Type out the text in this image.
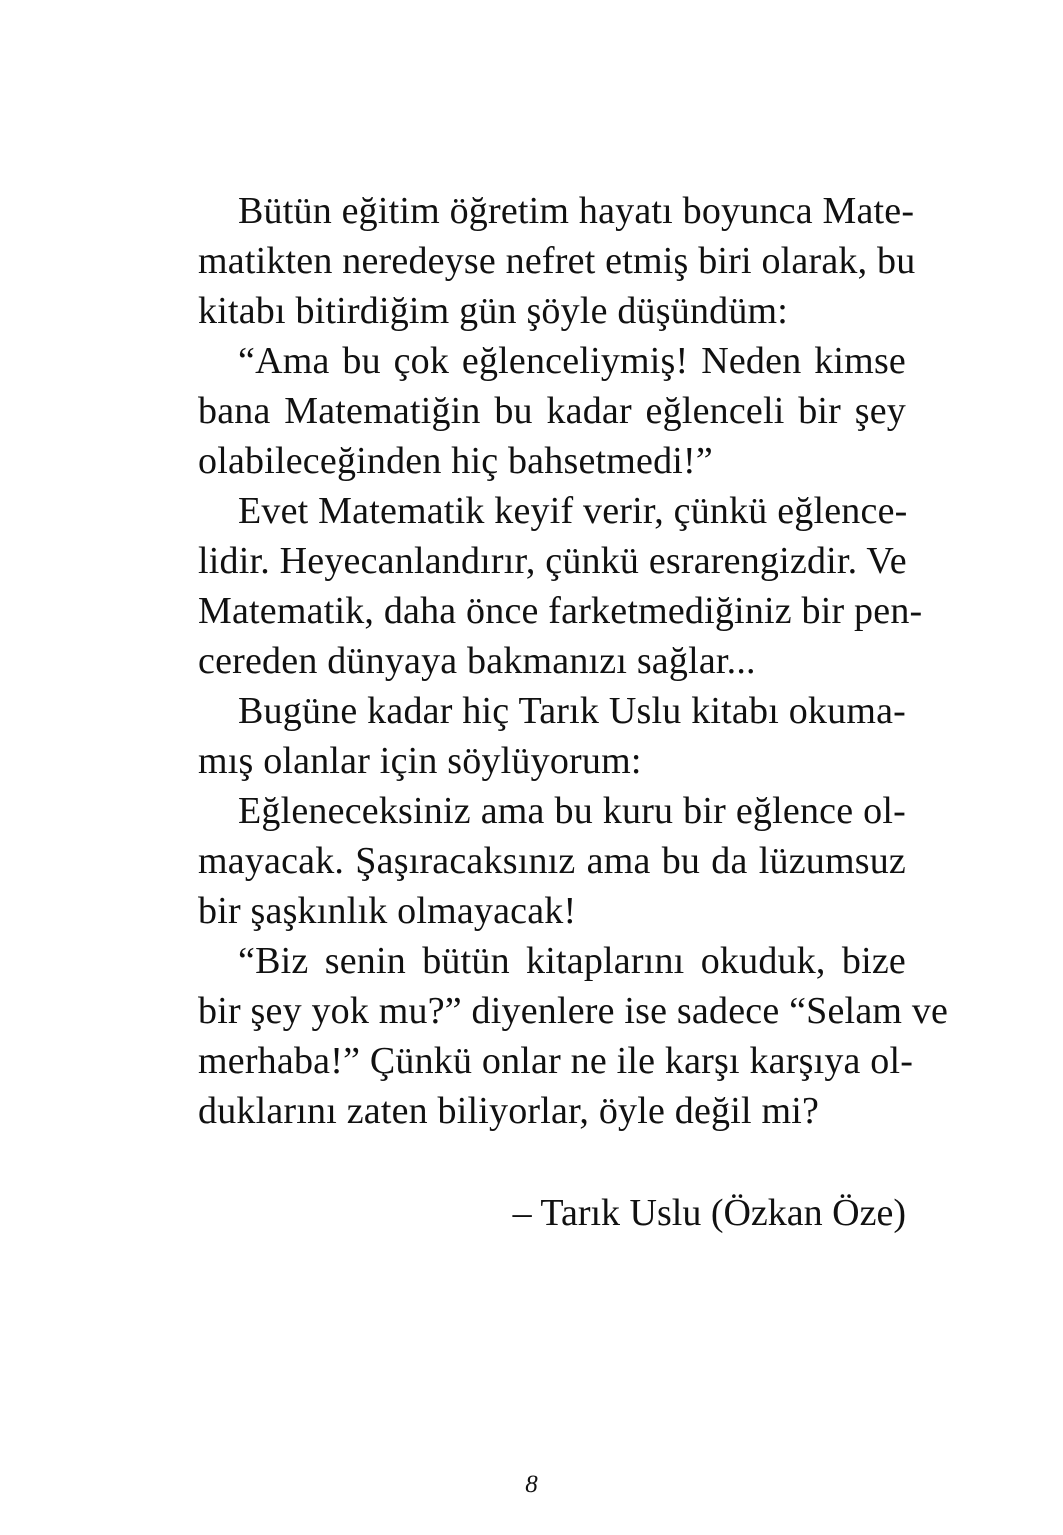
Bütün eğitim öğretim hayatı boyunca Mate-
matikten neredeyse nefret etmiş biri olarak, bu
kitabı bitirdiğim gün şöyle düşündüm:
“Ama bu çok eğlenceliymiş! Neden kimse
bana Matematiğin bu kadar eğlenceli bir şey
olabileceğinden hiç bahsetmedi!”
Evet Matematik keyif verir, çünkü eğlence-
lidir. Heyecanlandırır, çünkü esrarengizdir. Ve
Matematik, daha önce farketmediğiniz bir pen-
cereden dünyaya bakmanızı sağlar...
Bugüne kadar hiç Tarık Uslu kitabı okuma-
mış olanlar için söylüyorum:
Eğleneceksiniz ama bu kuru bir eğlence ol-
mayacak. Şaşıracaksınız ama bu da lüzumsuz
bir şaşkınlık olmayacak!
“Biz senin bütün kitaplarını okuduk, bize
bir şey yok mu?” diyenlere ise sadece “Selam ve
merhaba!” Çünkü onlar ne ile karşı karşıya ol-
duklarını zaten biliyorlar, öyle değil mi?
– Tarık Uslu (Özkan Öze)
8
